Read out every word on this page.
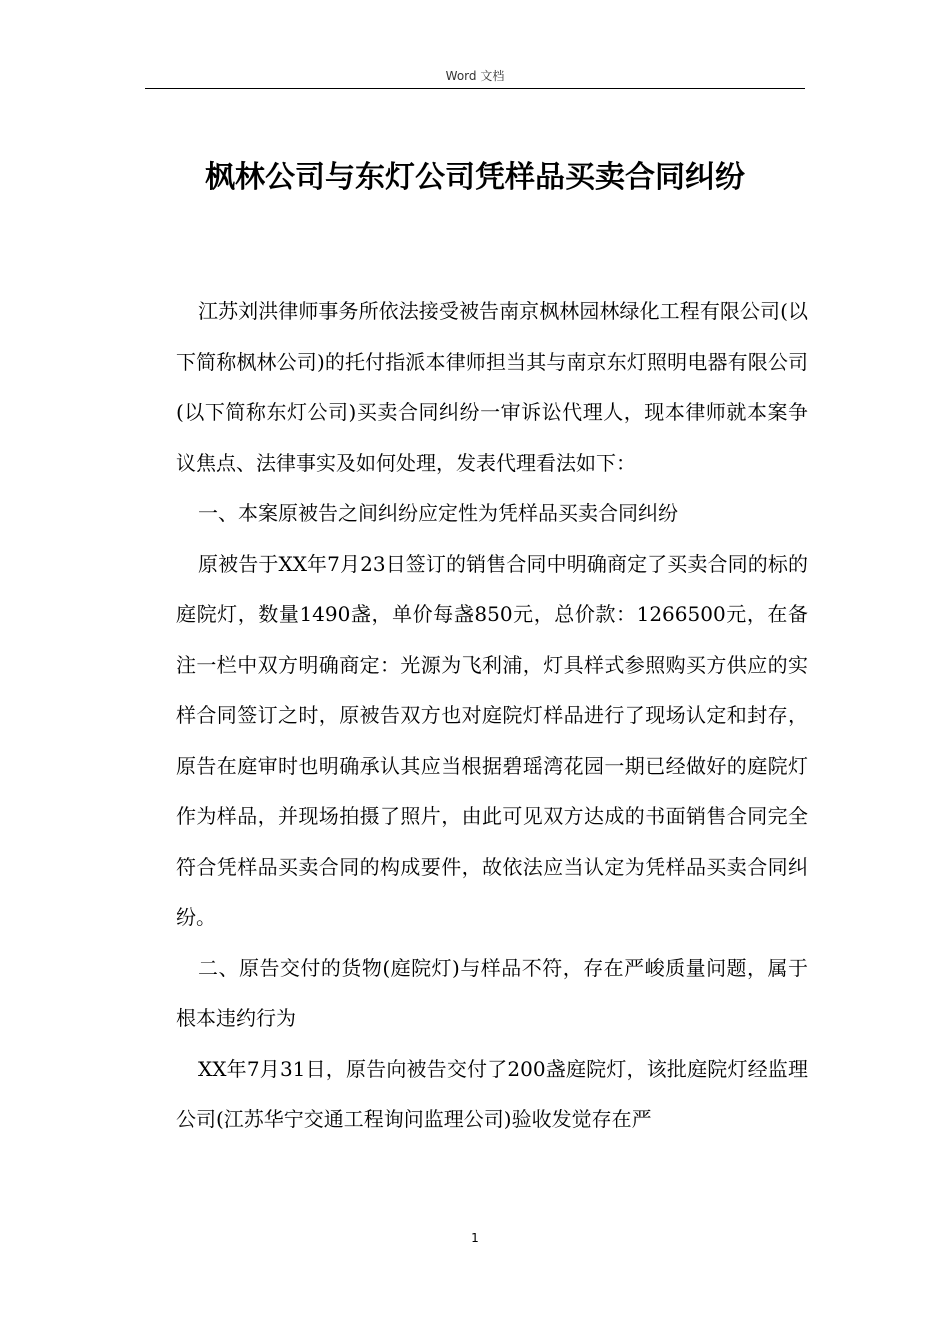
Word 文档
枫林公司与东灯公司凭样品买卖合同纠纷

江苏刘洪律师事务所依法接受被告南京枫林园林绿化工程有限公司(以下简称枫林公司)的托付指派本律师担当其与南京东灯照明电器有限公司(以下简称东灯公司)买卖合同纠纷一审诉讼代理人，现本律师就本案争议焦点、法律事实及如何处理，发表代理看法如下：

一、本案原被告之间纠纷应定性为凭样品买卖合同纠纷

原被告于XX年7月23日签订的销售合同中明确商定了买卖合同的标的庭院灯，数量1490盏，单价每盏850元，总价款：1266500元，在备注一栏中双方明确商定：光源为飞利浦，灯具样式参照购买方供应的实样合同签订之时，原被告双方也对庭院灯样品进行了现场认定和封存，原告在庭审时也明确承认其应当根据碧瑶湾花园一期已经做好的庭院灯作为样品，并现场拍摄了照片，由此可见双方达成的书面销售合同完全符合凭样品买卖合同的构成要件，故依法应当认定为凭样品买卖合同纠纷。

二、原告交付的货物(庭院灯)与样品不符，存在严峻质量问题，属于根本违约行为

XX年7月31日，原告向被告交付了200盏庭院灯，该批庭院灯经监理公司(江苏华宁交通工程询问监理公司)验收发觉存在严

1
